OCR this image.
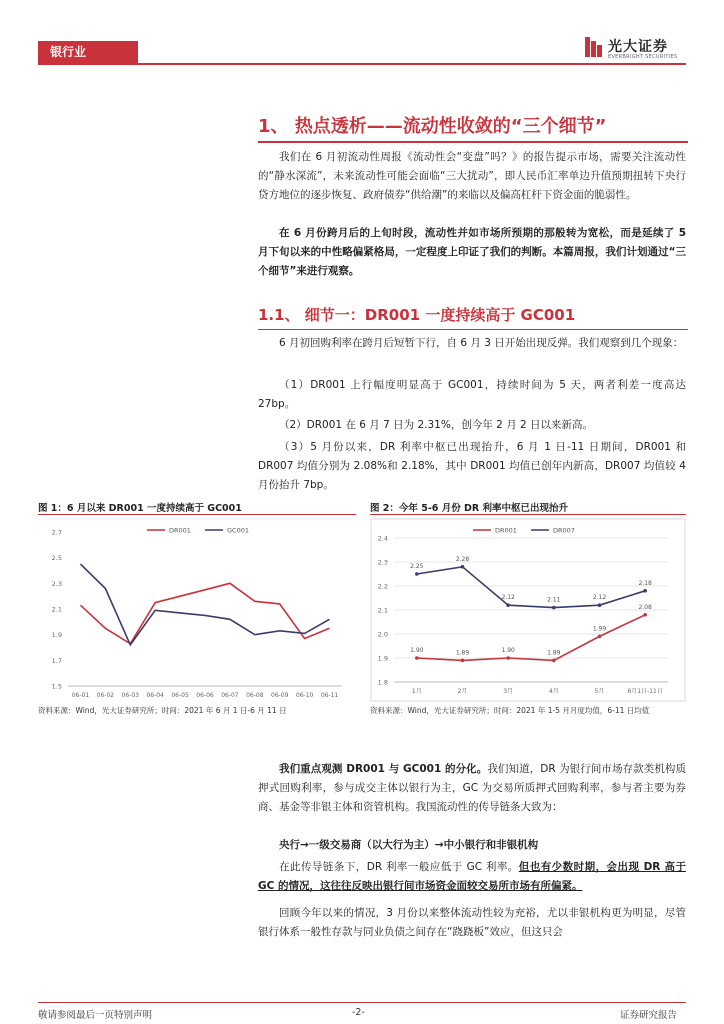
银行业	光大证券
EVERBRIGHT SECURITIES
1、 热点透析——流动性收敛的“三个细节”
我们在 6 月初流动性周报《流动性会“变盘”吗？》的报告提示市场，需要关注流动性的“静水深流”，未来流动性可能会面临“三大扰动”，即人民币汇率单边升值预期扭转下央行贷方地位的逐步恢复、政府债券“供给潮”的来临以及偏高杠杆下资金面的脆弱性。
在 6 月份跨月后的上旬时段，流动性并如市场所预期的那般转为宽松，而是延续了 5 月下旬以来的中性略偏紧格局，一定程度上印证了我们的判断。本篇周报，我们计划通过“三个细节”来进行观察。
1.1、 细节一：DR001 一度持续高于 GC001
6 月初回购利率在跨月后短暂下行，自 6 月 3 日开始出现反弹。我们观察到几个现象：
（1）DR001 上行幅度明显高于 GC001，持续时间为 5 天，两者利差一度高达 27bp。
（2）DR001 在 6 月 7 日为 2.31%，创今年 2 月 2 日以来新高。
（3）5 月份以来，DR 利率中枢已出现抬升，6 月 1 日-11 日期间，DR001 和 DR007 均值分别为 2.08%和 2.18%，其中 DR001 均值已创年内新高，DR007 均值较 4 月份抬升 7bp。
图 1：6 月以来 DR001 一度持续高于 GC001
2.7
2.5
2.3
2.1
1.9
1.7
1.5
06-01 06-02 06-03 06-04 06-05 06-06 06-07 06-08 06-09 06-10 06-11
DR001	GC001
资料来源：Wind，光大证券研究所；时间：2021 年 6 月 1 日-6 月 11 日
图 2：今年 5-6 月份 DR 利率中枢已出现抬升
2.4
2.3
2.2
2.1
2.0
1.9
1.8
1月	2月	3月	4月	5月	6月1日-11日
DR001	DR007
1.90	1.89	1.90	1.89
1.99
2.08
2.25
2.28
2.12	2.11	2.12
2.18
资料来源：Wind，光大证券研究所；时间：2021 年 1-5 月月度均值，6-11 日均值
我们重点观测 DR001 与 GC001 的分化。我们知道，DR 为银行间市场存款类机构质押式回购利率，参与成交主体以银行为主，GC 为交易所质押式回购利率，参与者主要为券商、基金等非银主体和资管机构。我国流动性的传导链条大致为：
央行→一级交易商（以大行为主）→中小银行和非银机构
在此传导链条下，DR 利率一般应低于 GC 利率。但也有少数时期，会出现 DR 高于 GC 的情况，这往往反映出银行间市场资金面较交易所市场有所偏紧。
回顾今年以来的情况，3 月份以来整体流动性较为充裕，尤以非银机构更为明显，尽管银行体系一般性存款与同业负债之间存在“跷跷板”效应，但这只会
敬请参阅最后一页特别声明	-2-	证券研究报告
